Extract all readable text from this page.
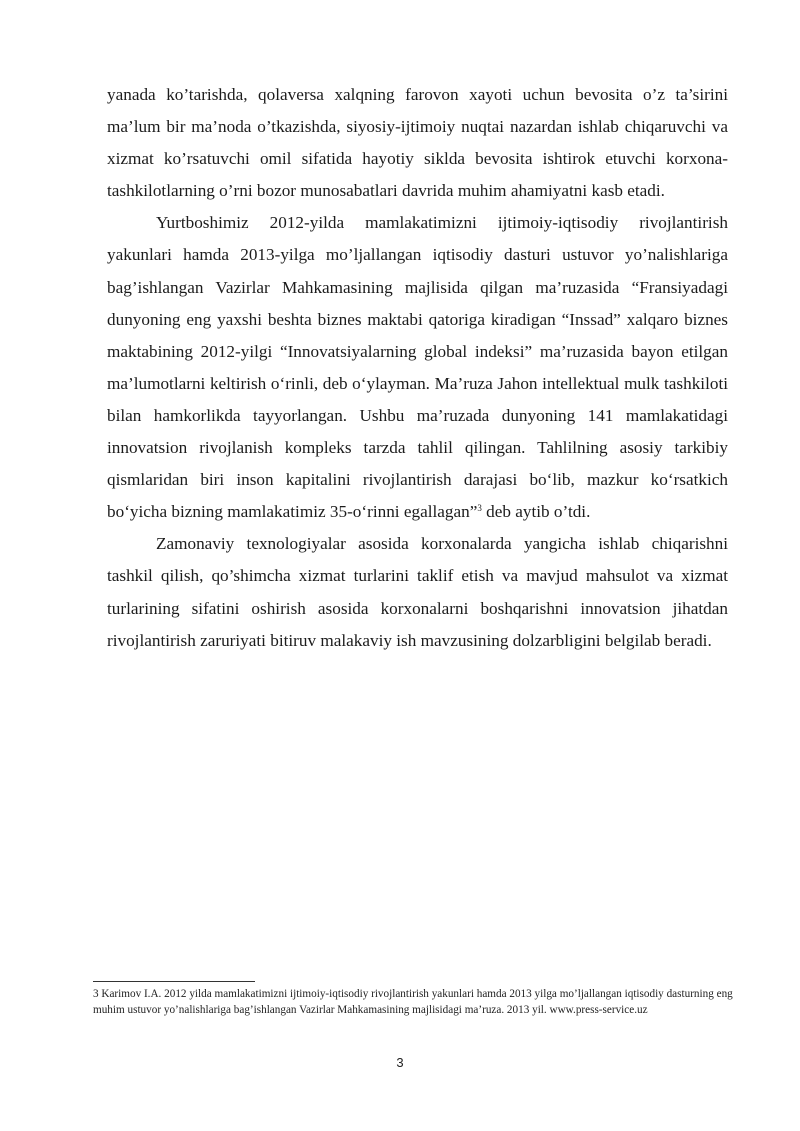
yanada ko’tarishda, qolaversa xalqning farovon xayoti uchun bevosita o’z ta’sirini ma’lum bir ma’noda o’tkazishda, siyosiy-ijtimoiy nuqtai nazardan ishlab chiqaruvchi va xizmat ko’rsatuvchi omil sifatida hayotiy siklda bevosita ishtirok etuvchi korxona-tashkilotlarning o’rni bozor munosabatlari davrida muhim ahamiyatni kasb etadi.

Yurtboshimiz 2012-yilda mamlakatimizni ijtimoiy-iqtisodiy rivojlantirish yakunlari hamda 2013-yilga mo’ljallangan iqtisodiy dasturi ustuvor yo’nalishlariga bag’ishlangan Vazirlar Mahkamasining majlisida qilgan ma’ruzasida “Fransiyadagi dunyoning eng yaxshi beshta biznes maktabi qatoriga kiradigan “Inssad” xalqaro biznes maktabining 2012-yilgi “Innovatsiyalarning global indeksi” ma’ruzasida bayon etilgan ma’lumotlarni keltirish o‘rinli, deb o‘ylayman. Ma’ruza Jahon intellektual mulk tashkiloti bilan hamkorlikda tayyorlangan. Ushbu ma’ruzada dunyoning 141 mamlakatidagi innovatsion rivojlanish kompleks tarzda tahlil qilingan. Tahlilning asosiy tarkibiy qismlaridan biri inson kapitalini rivojlantirish darajasi bo‘lib, mazkur ko‘rsatkich bo‘yicha bizning mamlakatimiz 35-o‘rinni egallagan”$^3$ deb aytib o’tdi.

Zamonaviy texnologiyalar asosida korxonalarda yangicha ishlab chiqarishni tashkil qilish, qo’shimcha xizmat turlarini taklif etish va mavjud mahsulot va xizmat turlarining sifatini oshirish asosida korxonalarni boshqarishni innovatsion jihatdan rivojlantirish zaruriyati bitiruv malakaviy ish mavzusining dolzarbligini belgilab beradi.

3 Karimov I.A. 2012 yilda mamlakatimizni ijtimoiy-iqtisodiy rivojlantirish yakunlari hamda 2013 yilga mo’ljallangan iqtisodiy dasturning eng muhim ustuvor yo’nalishlariga bag’ishlangan Vazirlar Mahkamasining majlisidagi ma’ruza. 2013 yil. www.press-service.uz

3
